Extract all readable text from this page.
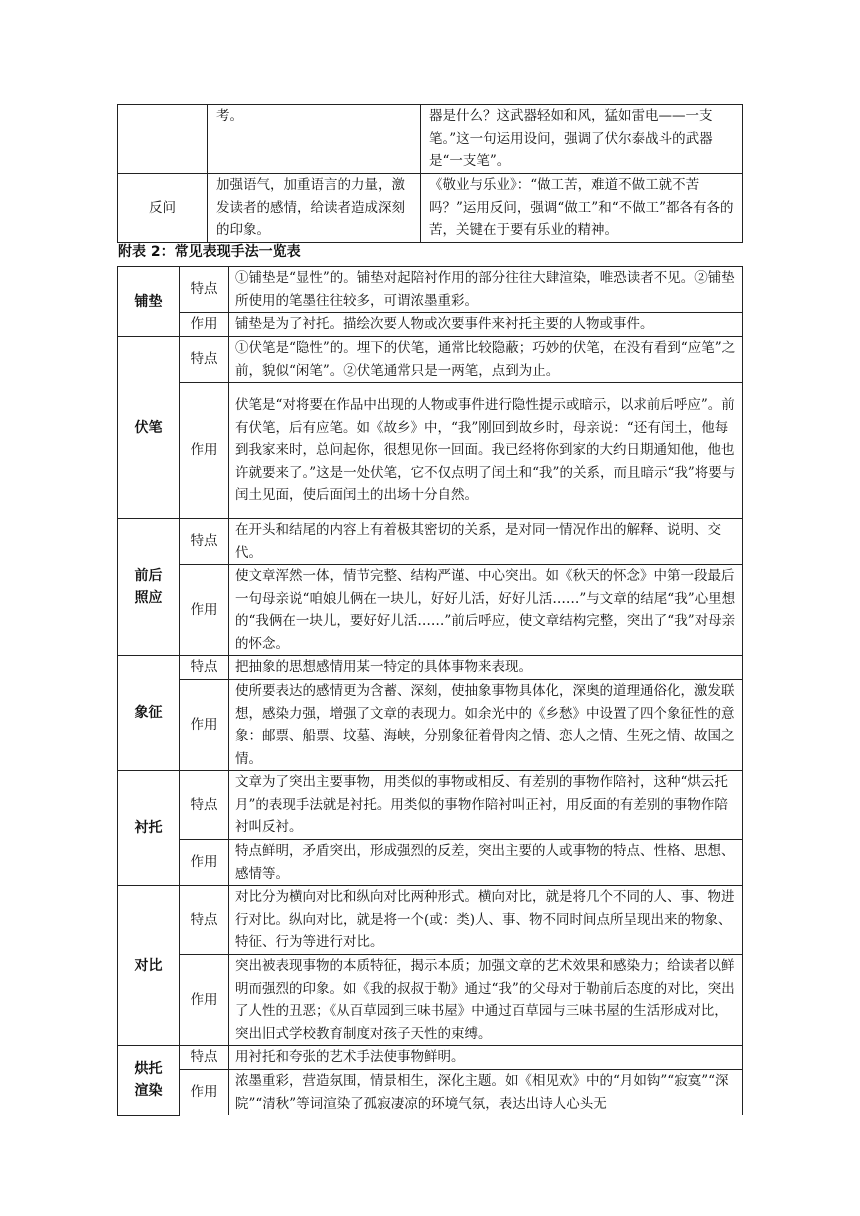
	考。	器是什么？这武器轻如和风，猛如雷电——一支笔。”这一句运用设问，强调了伏尔泰战斗的武器是“一支笔”。
反问	加强语气，加重语言的力量，激发读者的感情，给读者造成深刻的印象。	《敬业与乐业》：“做工苦，难道不做工就不苦吗？”运用反问，强调“做工”和“不做工”都各有各的苦，关键在于要有乐业的精神。
附表 2：常见表现手法一览表
铺垫	特点	①铺垫是“显性”的。铺垫对起陪衬作用的部分往往大肆渲染，唯恐读者不见。②铺垫所使用的笔墨往往较多，可谓浓墨重彩。
	作用	铺垫是为了衬托。描绘次要人物或次要事件来衬托主要的人物或事件。
伏笔	特点	①伏笔是“隐性”的。埋下的伏笔，通常比较隐蔽；巧妙的伏笔，在没有看到“应笔”之前，貌似“闲笔”。②伏笔通常只是一两笔，点到为止。
	作用	伏笔是“对将要在作品中出现的人物或事件进行隐性提示或暗示，以求前后呼应”。前有伏笔，后有应笔。如《故乡》中，“我”刚回到故乡时，母亲说：“还有闰土，他每到我家来时，总问起你，很想见你一回面。我已经将你到家的大约日期通知他，他也许就要来了。”这是一处伏笔，它不仅点明了闰土和“我”的关系，而且暗示“我”将要与闰土见面，使后面闰土的出场十分自然。
前后
照应	特点	在开头和结尾的内容上有着极其密切的关系，是对同一情况作出的解释、说明、交代。
	作用	使文章浑然一体，情节完整、结构严谨、中心突出。如《秋天的怀念》中第一段最后一句母亲说“咱娘儿俩在一块儿，好好儿活，好好儿活……”与文章的结尾“我”心里想的“我俩在一块儿，要好好儿活……”前后呼应，使文章结构完整，突出了“我”对母亲的怀念。
象征	特点	把抽象的思想感情用某一特定的具体事物来表现。
	作用	使所要表达的感情更为含蓄、深刻，使抽象事物具体化，深奥的道理通俗化，激发联想，感染力强，增强了文章的表现力。如余光中的《乡愁》中设置了四个象征性的意象：邮票、船票、坟墓、海峡，分别象征着骨肉之情、恋人之情、生死之情、故国之情。
衬托	特点	文章为了突出主要事物，用类似的事物或相反、有差别的事物作陪衬，这种“烘云托月”的表现手法就是衬托。用类似的事物作陪衬叫正衬，用反面的有差别的事物作陪衬叫反衬。
	作用	特点鲜明，矛盾突出，形成强烈的反差，突出主要的人或事物的特点、性格、思想、感情等。
对比	特点	对比分为横向对比和纵向对比两种形式。横向对比，就是将几个不同的人、事、物进行对比。纵向对比，就是将一个(或：类)人、事、物不同时间点所呈现出来的物象、特征、行为等进行对比。
	作用	突出被表现事物的本质特征，揭示本质；加强文章的艺术效果和感染力；给读者以鲜明而强烈的印象。如《我的叔叔于勒》通过“我”的父母对于勒前后态度的对比，突出了人性的丑恶；《从百草园到三味书屋》中通过百草园与三味书屋的生活形成对比，突出旧式学校教育制度对孩子天性的束缚。
烘托
渲染	特点	用衬托和夸张的艺术手法使事物鲜明。
	作用	浓墨重彩，营造氛围，情景相生，深化主题。如《相见欢》中的“月如钩”“寂寞”“深院”“清秋”等词渲染了孤寂凄凉的环境气氛，表达出诗人心头无
